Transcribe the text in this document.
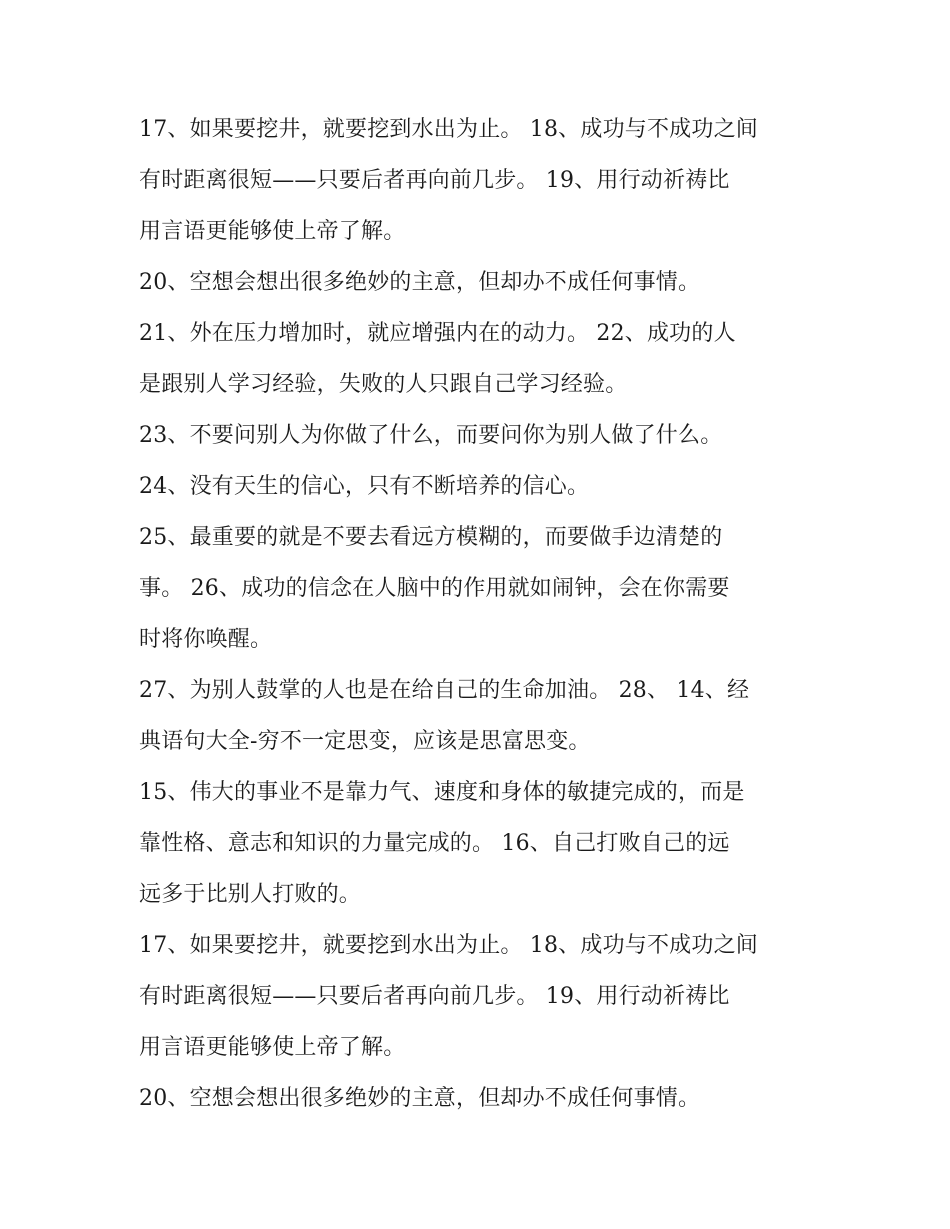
17、如果要挖井，就要挖到水出为止。 18、成功与不成功之间
有时距离很短——只要后者再向前几步。 19、用行动祈祷比
用言语更能够使上帝了解。
20、空想会想出很多绝妙的主意，但却办不成任何事情。
21、外在压力增加时，就应增强内在的动力。 22、成功的人
是跟别人学习经验，失败的人只跟自己学习经验。
23、不要问别人为你做了什么，而要问你为别人做了什么。
24、没有天生的信心，只有不断培养的信心。
25、最重要的就是不要去看远方模糊的，而要做手边清楚的
事。 26、成功的信念在人脑中的作用就如闹钟，会在你需要
时将你唤醒。
27、为别人鼓掌的人也是在给自己的生命加油。 28、 14、经
典语句大全-穷不一定思变，应该是思富思变。
15、伟大的事业不是靠力气、速度和身体的敏捷完成的，而是
靠性格、意志和知识的力量完成的。 16、自己打败自己的远
远多于比别人打败的。
17、如果要挖井，就要挖到水出为止。 18、成功与不成功之间
有时距离很短——只要后者再向前几步。 19、用行动祈祷比
用言语更能够使上帝了解。
20、空想会想出很多绝妙的主意，但却办不成任何事情。
